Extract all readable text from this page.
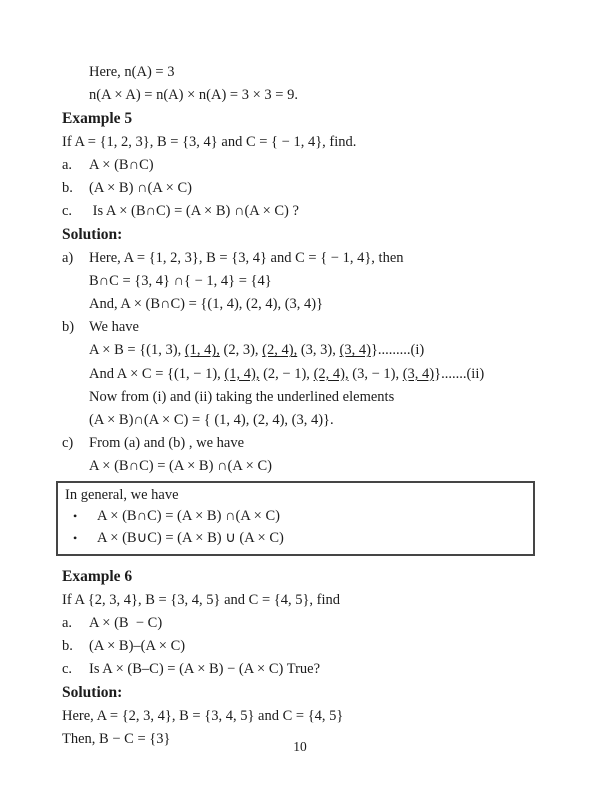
Here, n(A) = 3
n(A × A) = n(A) × n(A) = 3 × 3 = 9.
Example 5
If A = {1, 2, 3}, B = {3, 4} and C = { − 1, 4}, find.
a. A × (B∩C)
b. (A × B) ∩(A × C)
c. Is A × (B∩C) = (A × B) ∩(A × C) ?
Solution:
a) Here, A = {1, 2, 3}, B = {3, 4} and C = { − 1, 4}, then
B∩C = {3, 4} ∩{ − 1, 4} = {4}
And, A × (B∩C) = {(1, 4), (2, 4), (3, 4)}
b) We have
A × B = {(1, 3), (1, 4), (2, 3), (2, 4), (3, 3), (3, 4)}.........(i)
And A × C = {(1, − 1), (1, 4), (2, − 1), (2, 4), (3, − 1), (3, 4)}.......(ii)
Now from (i) and (ii) taking the underlined elements
(A × B)∩(A × C) = { (1, 4), (2, 4), (3, 4)}.
c) From (a) and (b) , we have
A × (B∩C) = (A × B) ∩(A × C)
In general, we have
• A × (B∩C) = (A × B) ∩(A × C)
• A × (B∪C) = (A × B) ∪ (A × C)
Example 6
If A {2, 3, 4}, B = {3, 4, 5} and C = {4, 5}, find
a. A × (B  − C)
b. (A × B)–(A × C)
c. Is A × (B–C) = (A × B) − (A × C) True?
Solution:
Here, A = {2, 3, 4}, B = {3, 4, 5} and C = {4, 5}
Then, B − C = {3}	10
